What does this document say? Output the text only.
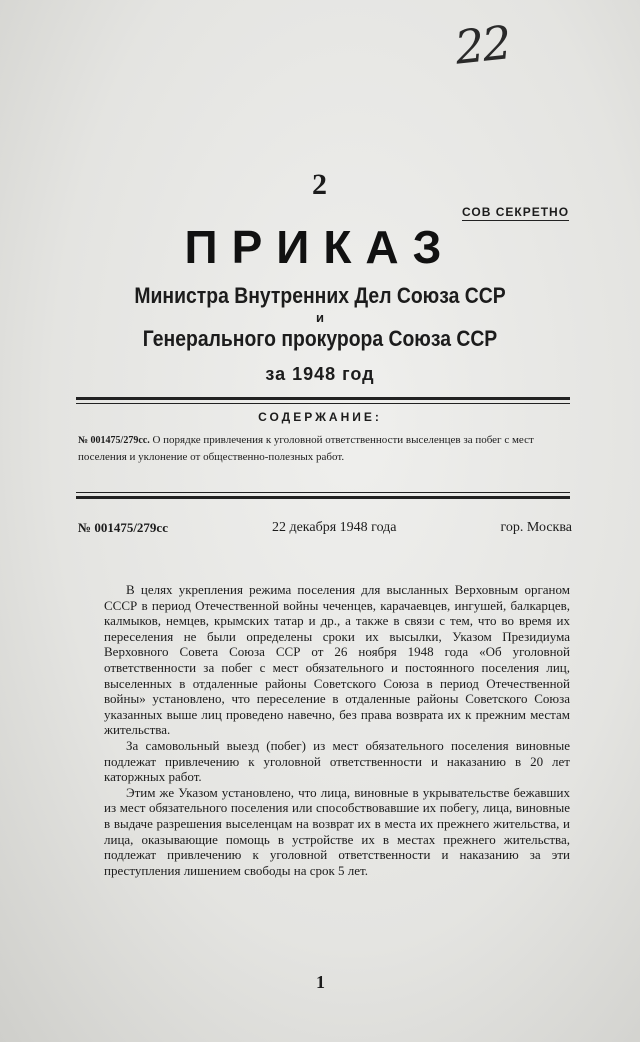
22
2
СОВ СЕКРЕТНО
ПРИКАЗ
Министра Внутренних Дел Союза ССР
и
Генерального прокурора Союза ССР
за 1948 год
СОДЕРЖАНИЕ:
№ 001475/279сс. О порядке привлечения к уголовной ответственности выселенцев за побег с мест поселения и уклонение от общественно-полезных работ.
№ 001475/279сс	22 декабря 1948 года	гор. Москва

В целях укрепления режима поселения для высланных Верховным органом СССР в период Отечественной войны чеченцев, карачаевцев, ингушей, балкарцев, калмыков, немцев, крымских татар и др., а также в связи с тем, что во время их переселения не были определены сроки их высылки, Указом Президиума Верховного Совета Союза ССР от 26 ноября 1948 года «Об уголовной ответственности за побег с мест обязательного и постоянного поселения лиц, выселенных в отдаленные районы Советского Союза в период Отечественной войны» установлено, что переселение в отдаленные районы Советского Союза указанных выше лиц проведено навечно, без права возврата их к прежним местам жительства.

За самовольный выезд (побег) из мест обязательного поселения виновные подлежат привлечению к уголовной ответственности и наказанию в 20 лет каторжных работ.

Этим же Указом установлено, что лица, виновные в укрывательстве бежавших из мест обязательного поселения или способствовавшие их побегу, лица, виновные в выдаче разрешения выселенцам на возврат их в места их прежнего жительства, и лица, оказывающие помощь в устройстве их в местах прежнего жительства, подлежат привлечению к уголовной ответственности и наказанию за эти преступления лишением свободы на срок 5 лет.

1
